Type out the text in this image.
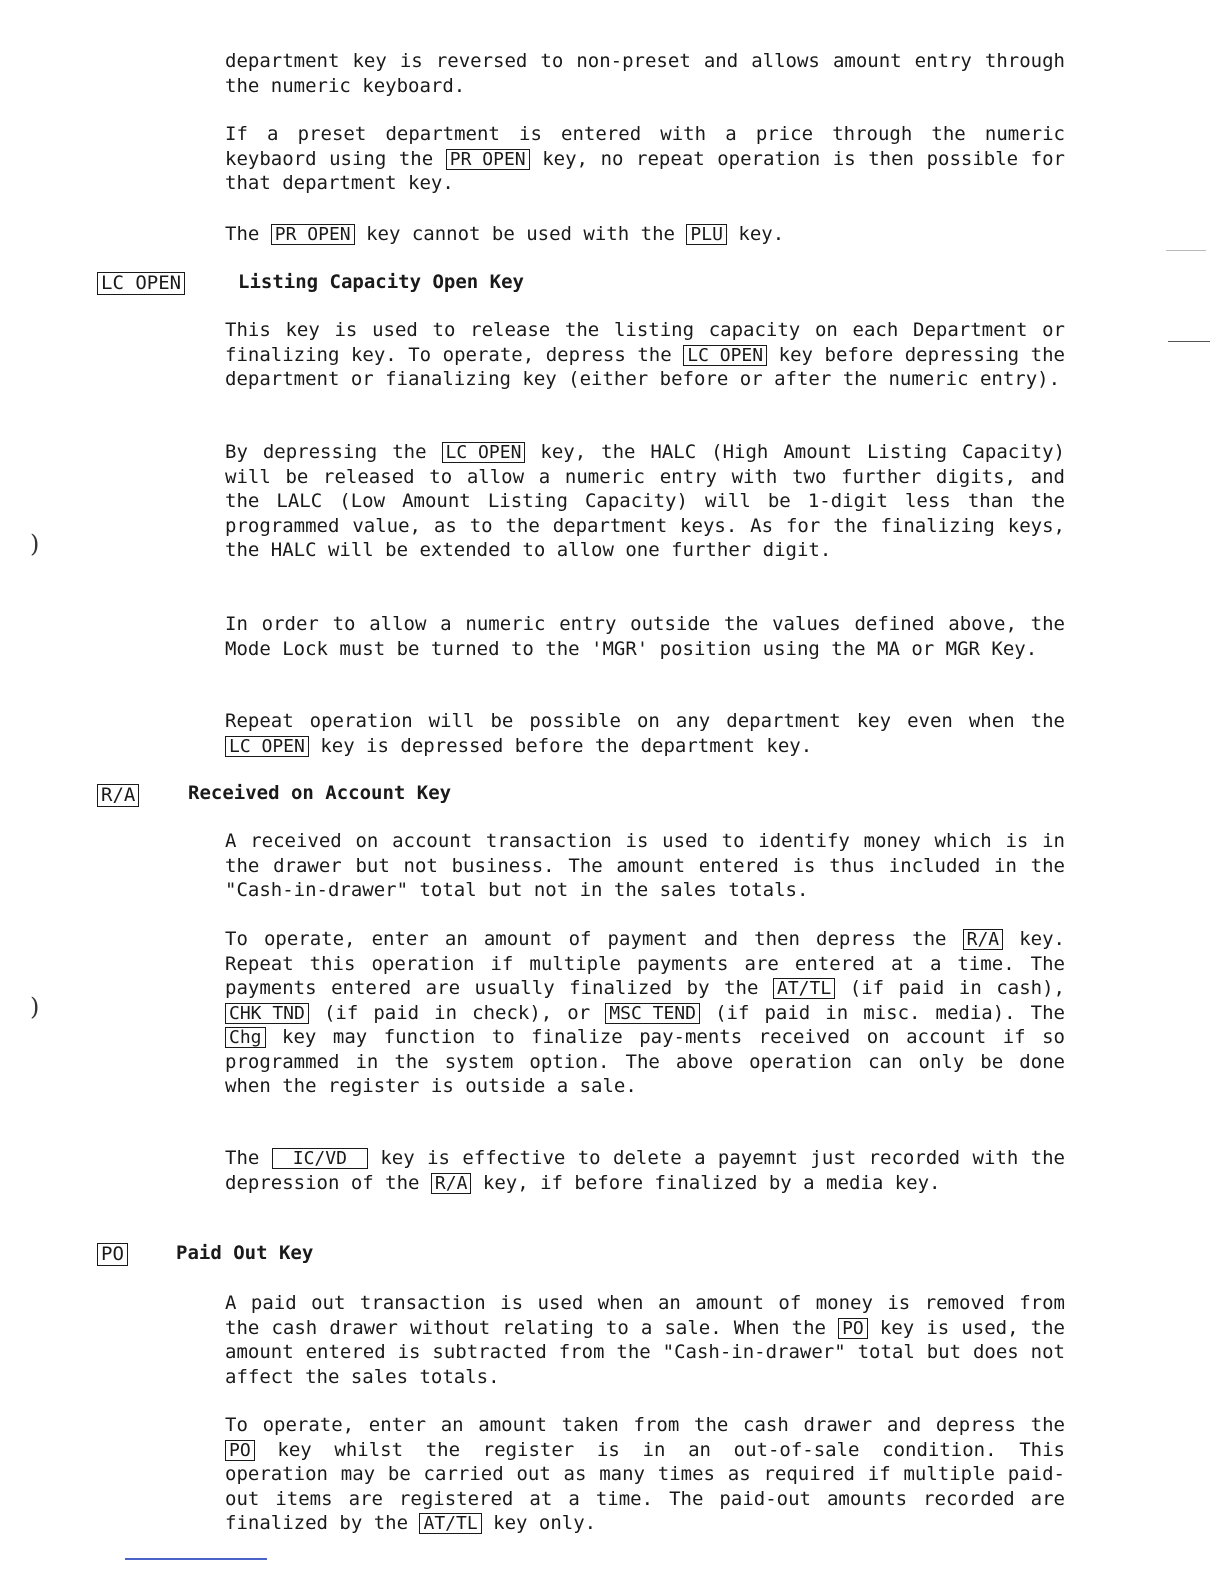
department key is reversed to non-preset and allows amount entry through the numeric keyboard.

If a preset department is entered with a price through the numeric keybaord using the PR OPEN key, no repeat operation is then possible for that department key.

The PR OPEN key cannot be used with the PLU key.

LC OPEN	Listing Capacity Open Key

This key is used to release the listing capacity on each Department or finalizing key. To operate, depress the LC OPEN key before depressing the department or fianalizing key (either before or after the numeric entry).

By depressing the LC OPEN key, the HALC (High Amount Listing Capacity) will be released to allow a numeric entry with two further digits, and the LALC (Low Amount Listing Capacity) will be 1-digit less than the programmed value, as to the department keys. As for the finalizing keys, the HALC will be extended to allow one further digit.

In order to allow a numeric entry outside the values defined above, the Mode Lock must be turned to the 'MGR' position using the MA or MGR Key.

Repeat operation will be possible on any department key even when the LC OPEN key is depressed before the department key.

R/A	Received on Account Key

A received on account transaction is used to identify money which is in the drawer but not business. The amount entered is thus included in the "Cash-in-drawer" total but not in the sales totals.

To operate, enter an amount of payment and then depress the R/A key. Repeat this operation if multiple payments are entered at a time. The payments entered are usually finalized by the AT/TL (if paid in cash), CHK TND (if paid in check), or MSC TEND (if paid in misc. media). The Chg key may function to finalize pay-ments received on account if so programmed in the system option. The above operation can only be done when the register is outside a sale.

The IC/VD key is effective to delete a payemnt just recorded with the depression of the R/A key, if before finalized by a media key.

PO	Paid Out Key

A paid out transaction is used when an amount of money is removed from the cash drawer without relating to a sale. When the PO key is used, the amount entered is subtracted from the "Cash-in-drawer" total but does not affect the sales totals.

To operate, enter an amount taken from the cash drawer and depress the PO key whilst the register is in an out-of-sale condition. This operation may be carried out as many times as required if multiple paid-out items are registered at a time. The paid-out amounts recorded are finalized by the AT/TL key only.

)
)
